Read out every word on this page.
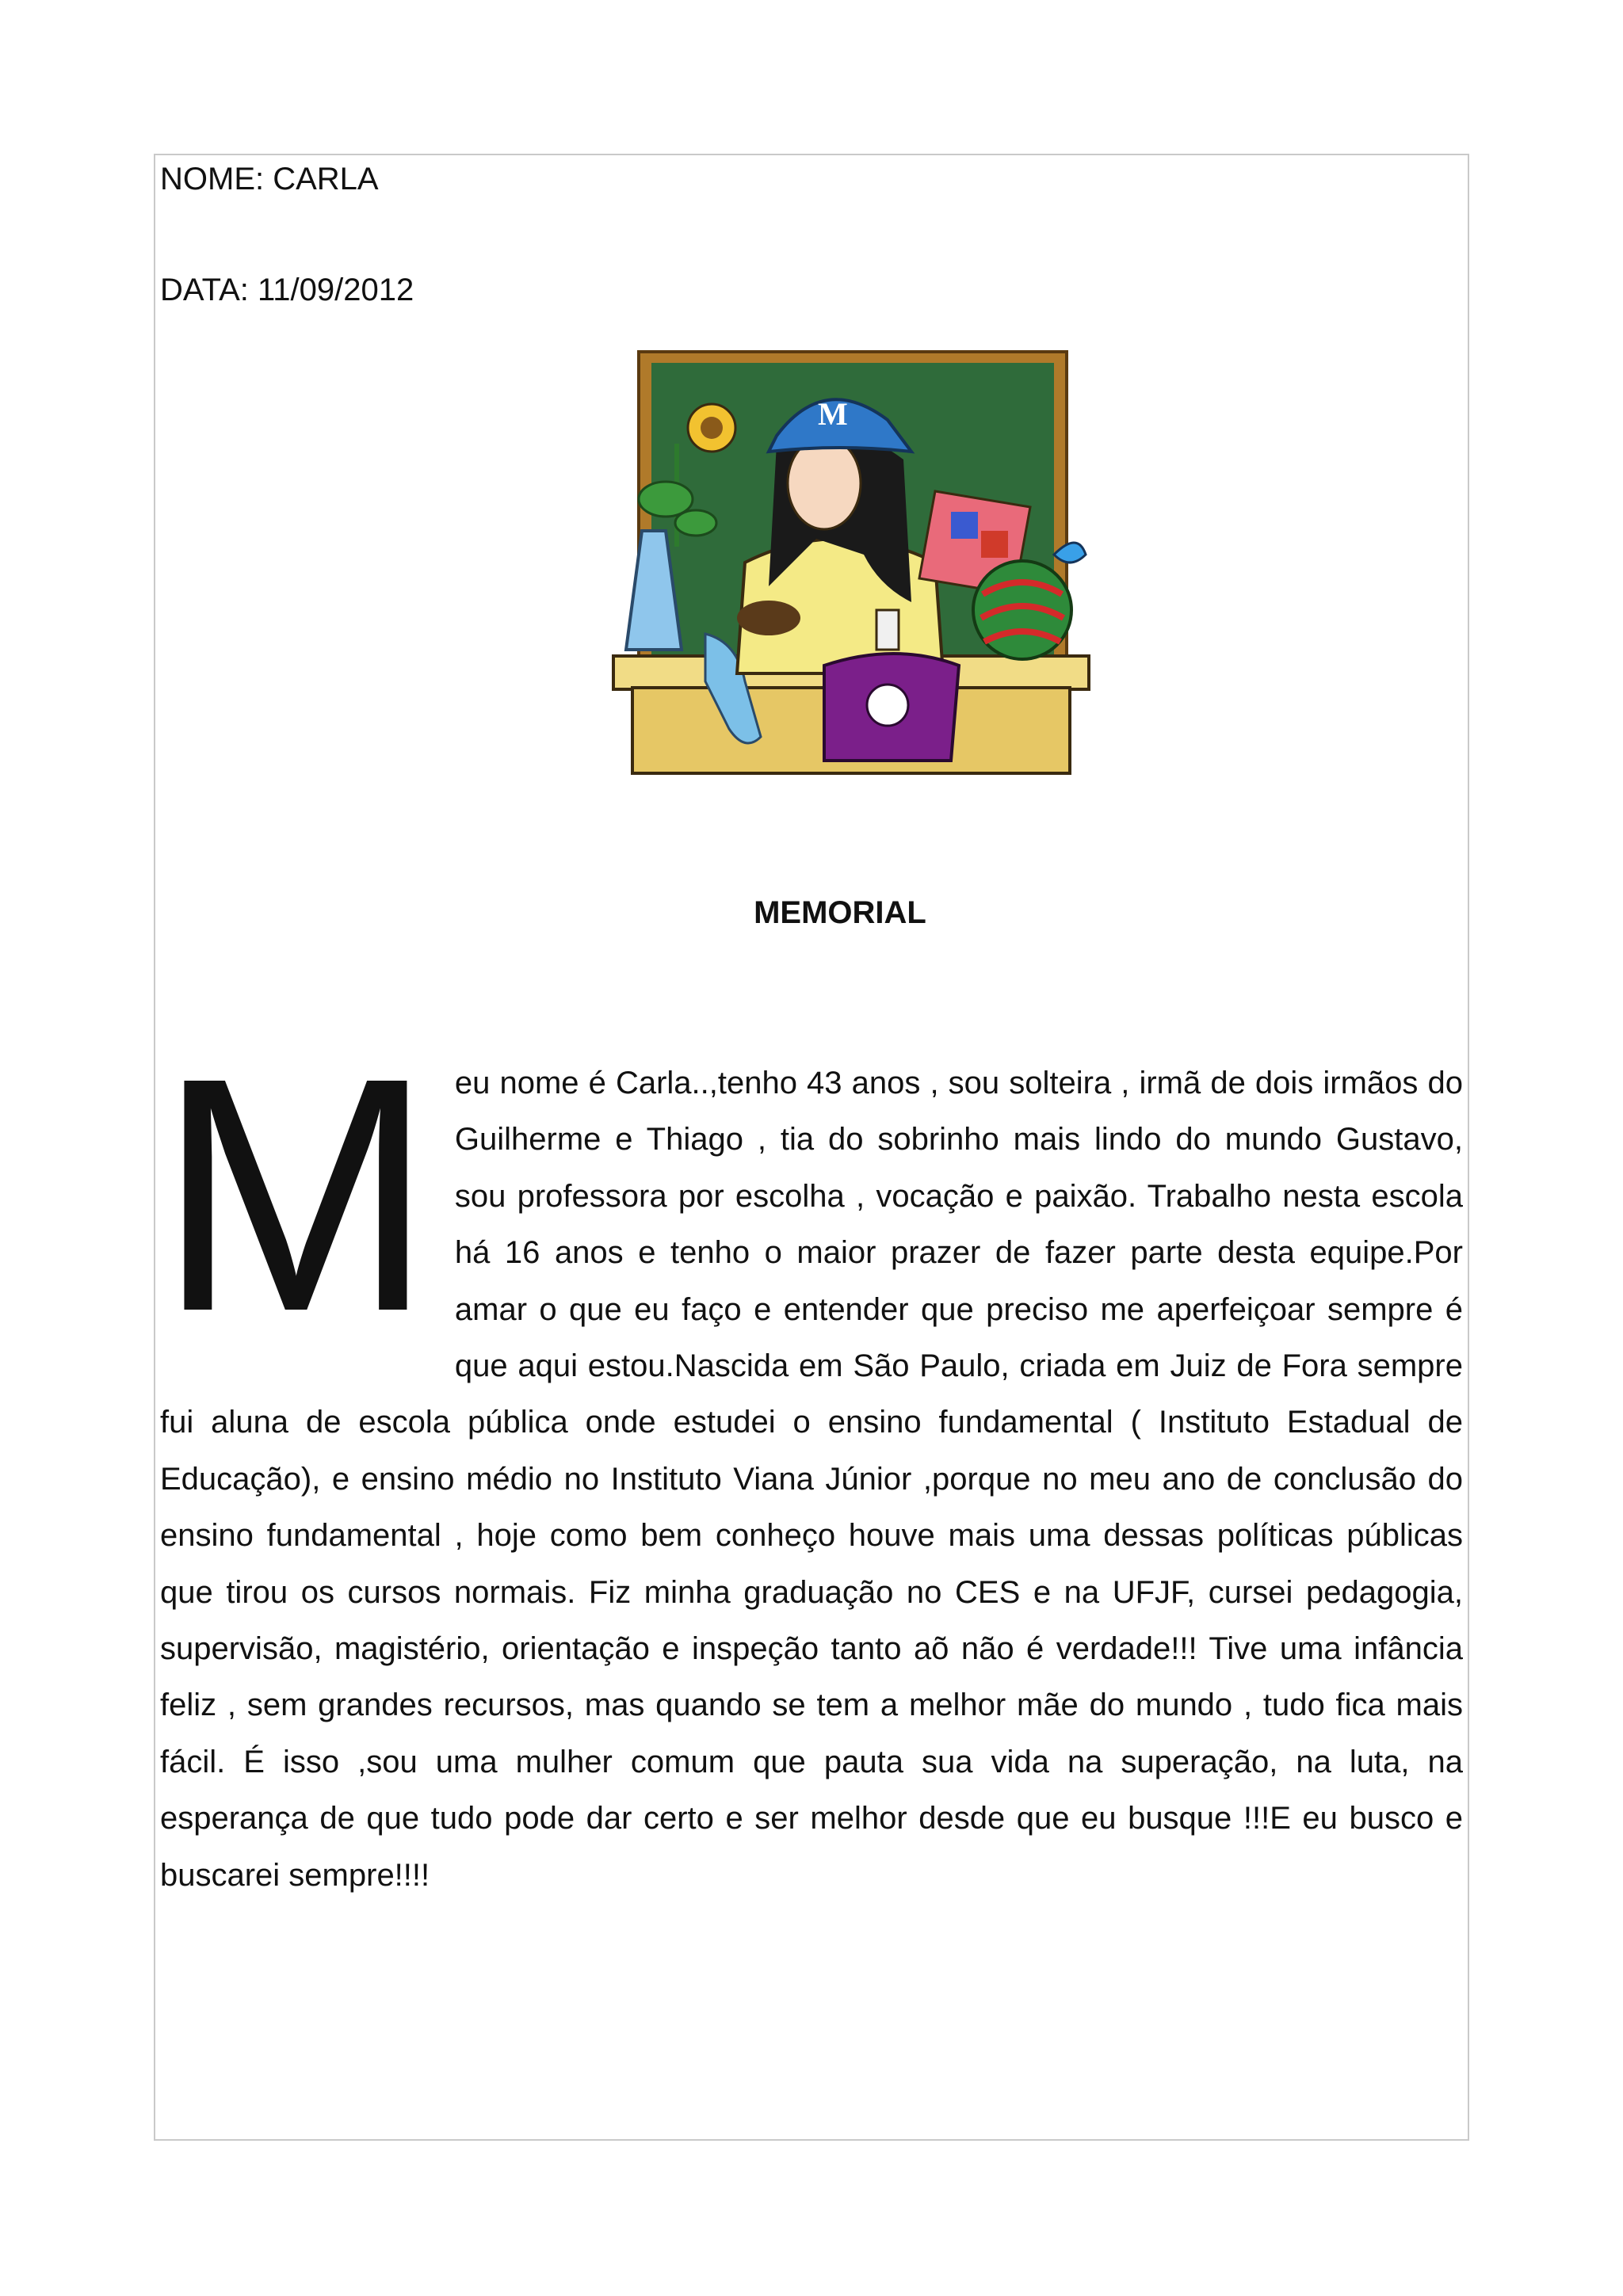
NOME: CARLA
DATA: 11/09/2012
M
MEMORIAL
Meu nome é Carla..,tenho 43 anos , sou solteira , irmã de dois irmãos do Guilherme e Thiago , tia do sobrinho mais lindo do mundo Gustavo, sou professora por escolha , vocação e paixão. Trabalho nesta escola há 16 anos e tenho o maior prazer de fazer parte desta equipe.Por amar o que eu faço e entender que preciso me aperfeiçoar sempre é que aqui estou.Nascida em São Paulo, criada em Juiz de Fora sempre fui aluna de escola pública onde estudei o ensino fundamental ( Instituto Estadual de Educação), e ensino médio no Instituto Viana Júnior ,porque no meu ano de conclusão do ensino fundamental , hoje como bem conheço houve mais uma dessas políticas públicas que tirou os cursos normais. Fiz minha graduação no CES e na UFJF, cursei pedagogia, supervisão, magistério, orientação e inspeção tanto aõ não é verdade!!! Tive uma infância feliz , sem grandes recursos, mas quando se tem a melhor mãe do mundo , tudo fica mais fácil. É isso ,sou uma mulher comum que pauta sua vida na superação, na luta, na esperança de que tudo pode dar certo e ser melhor desde que eu busque !!!E eu busco e buscarei sempre!!!!
